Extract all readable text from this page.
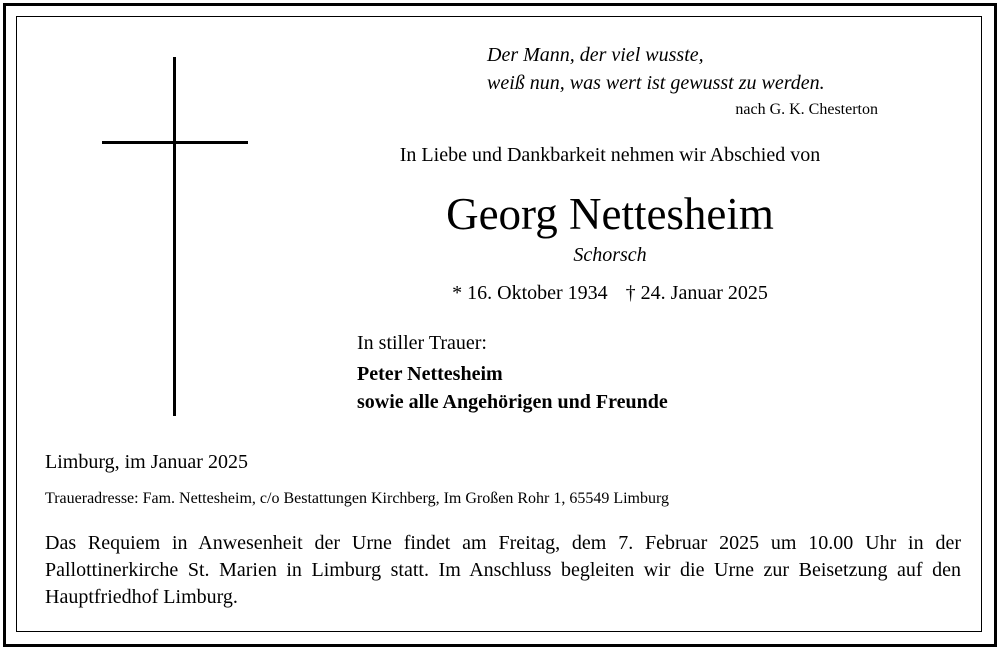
Der Mann, der viel wusste,
weiß nun, was wert ist gewusst zu werden.
nach G. K. Chesterton
In Liebe und Dankbarkeit nehmen wir Abschied von
Georg Nettesheim
Schorsch
* 16. Oktober 1934 † 24. Januar 2025
In stiller Trauer:
Peter Nettesheim
sowie alle Angehörigen und Freunde
Limburg, im Januar 2025
Traueradresse: Fam. Nettesheim, c/o Bestattungen Kirchberg, Im Großen Rohr 1, 65549 Limburg
Das Requiem in Anwesenheit der Urne findet am Freitag, dem 7. Februar 2025 um 10.00 Uhr in der Pallottinerkirche St. Marien in Limburg statt. Im Anschluss begleiten wir die Urne zur Beisetzung auf den Hauptfriedhof Limburg.
